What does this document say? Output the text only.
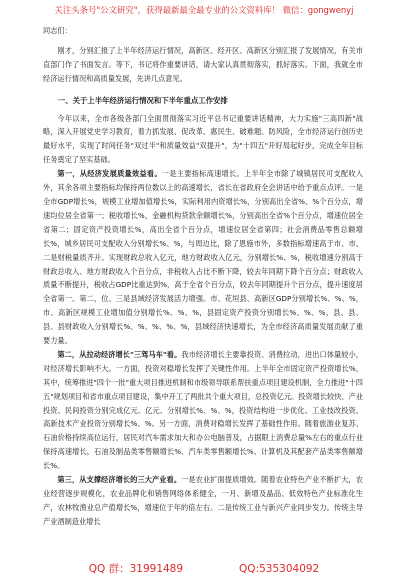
关注头条号"公文研究"，获得最新最全最专业的公文资料库！ 微信：gongwenyj

同志们：

刚才，分别汇报了上半年经济运行情况，高新区、经开区、高新区分别汇报了发展情况，有关市直部门作了书面发言。等下，书记将作重要讲话，请大家认真贯彻落实，抓好落实。下面，我就全市经济运行情况和高质量发展，先讲几点意见。

一、关于上半年经济运行情况和下半年重点工作安排

今年以来，全市各级各部门全面贯彻落实习近平总书记重要讲话精神，大力实施"三高四新"战略，深入开展党史学习教育，着力抓发展、促改革、惠民生、破难题、防风险，全市经济运行创历史最好水平，实现了时间任务"双过半"和质量效益"双提升"，为"十四五"开好局起好步，完成全年目标任务奠定了坚实基础。

第一，从经济发展质量效益看。一是主要指标高速增长。上半年全市除了城镇居民可支配收入外，其余各项主要指标均保持两位数以上的高速增长，省长在省政府全会讲话中给予重点点评。一是全市GDP增长%，规模工业增加值增长%，实际利用内资增长%，分别高出全省%、%个百分点，增速均位居全省第一；税收增长%，金融机构贷款余额增长%，分别高出全省%个百分点，增速位居全省第二；固定资产投资增长%，高出全省个百分点，增速位居全省第四；社会消费品零售总额增长%，城乡居民可支配收入分别增长%、%，与周边比，除了恩施市外，多数指标增速高于市、市、二是财税量质齐升。实现财政总收入亿元，地方财政收入亿元，分别增长%、%，税收增速分别高于财政总收入、地方财政收入个百分点，非税收入占比不断下降，较去年同期下降个百分点；财政收入质量不断提升，税收占GDP比重达到%，高于全省个百分点，较去年同期提升个百分点，提升速度居全省第一。第二，位、三是县域经济发展活力增强。市、花垣县、高新区GDP分别增长%、%、%，市、高新区规模工业增加值分别增长%、%、%，县固定资产投资分别增长%、%、%、县、县、县、县财政收入分别增长%、%、%、%、%，县域经济快速增长，为全市经济高质量发展贡献了重要力量。

第二，从拉动经济增长"三驾马车"看。我市经济增长主要靠投资、消费拉动，进出口体量较小，对经济增长影响不大。一方面，投资对稳增长发挥了关键性作用。上半年全市固定资产投资增长%，其中，统筹推进"四个一批"重大项目推进机制和市级领导联系帮扶重点项目建设机制，全力推进"十四五"规划项目和省市重点项目建设，集中开工了两批共个重大项目，总投资亿元。投资增长较快、产业投资、民间投资分别完成亿元、亿元、分别增长%、%、%，投资结构进一步优化。工业技改投资、高新技术产业投资分别增长%、%。另一方面，消费对稳增长发挥了基础性作用。随着旅游业复苏、石油价格持续高位运行，居民对汽车需求加大和办公电脑普及，占据限上消费总量%左右的重点行业保持高速增长，石油及制品类零售额增长%、汽车类零售额增长%、计算机及其配套产品类零售额增长%。

第三，从支撑经济增长的三大产业看。一是农业扩面提质增效。随着农业特色产业不断扩大，农业经营逐步规模化，农业品牌化和销售网络体系健全，一月、新增及晶品、低效特色产业标准化生产，农林牧渔业总产值增长%，增速位于年的倍左右。二是传统工业与新兴产业同步发力。传统主导产业酒制造业增长

QQ 群：31991489	QQ:535304092
